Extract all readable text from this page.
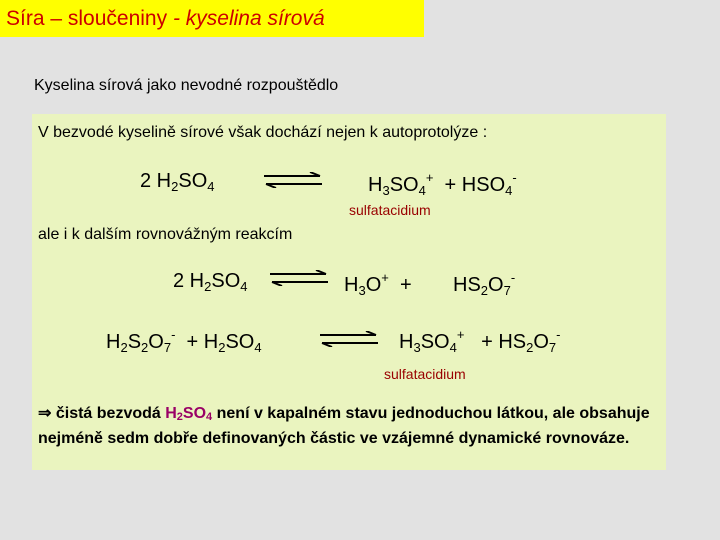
Síra – sloučeniny - kyselina sírová
Kyselina sírová jako nevodné rozpouštědlo
V bezvodé kyselině sírové však dochází nejen k autoprotolýze :
2 $H_2SO_4$	$H_3SO_4^+ + HSO_4^-$
sulfatacidium
ale i k dalším rovnovážným reakcím
2 $H_2SO_4$ ⇌ $H_3O^+ + HS_2O_7^-$
$H_2S_2O_7^- + H_2SO_4$ ⇌ $H_3SO_4^+ + HS_2O_7^-$
sulfatacidium
⇒ čistá bezvodá $H_2SO_4$ není v kapalném stavu jednoduchou látkou, ale obsahuje nejméně sedm dobře definovaných částic ve vzájemné dynamické rovnováze.
